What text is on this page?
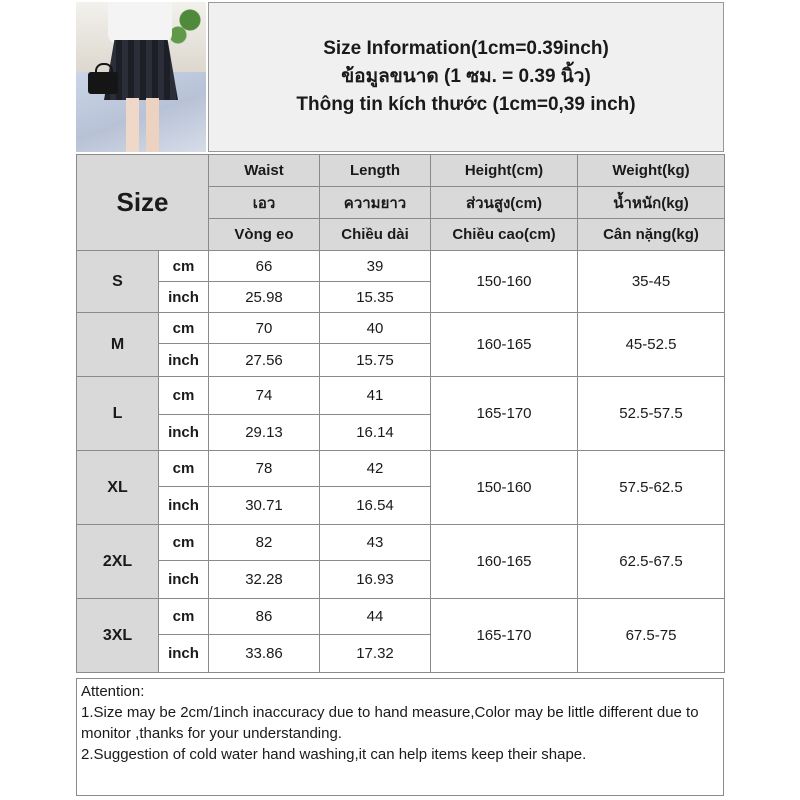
Size Information(1cm=0.39inch)
ข้อมูลขนาด (1 ซม. = 0.39 นิ้ว)
Thông tin kích thước (1cm=0,39 inch)
Size		Waist	Length	Height(cm)	Weight(kg)
		เอว	ความยาว	ส่วนสูง(cm)	น้ำหนัก(kg)
		Vòng eo	Chiều dài	Chiều cao(cm)	Cân nặng(kg)
S	cm	66	39	150-160	35-45
	inch	25.98	15.35		
M	cm	70	40	160-165	45-52.5
	inch	27.56	15.75		
L	cm	74	41	165-170	52.5-57.5
	inch	29.13	16.14		
XL	cm	78	42	150-160	57.5-62.5
	inch	30.71	16.54		
2XL	cm	82	43	160-165	62.5-67.5
	inch	32.28	16.93		
3XL	cm	86	44	165-170	67.5-75
	inch	33.86	17.32		
Attention:
1.Size may be 2cm/1inch inaccuracy due to hand measure,Color may be little different due to monitor ,thanks for your understanding.
2.Suggestion of cold water hand washing,it can help items keep their shape.
